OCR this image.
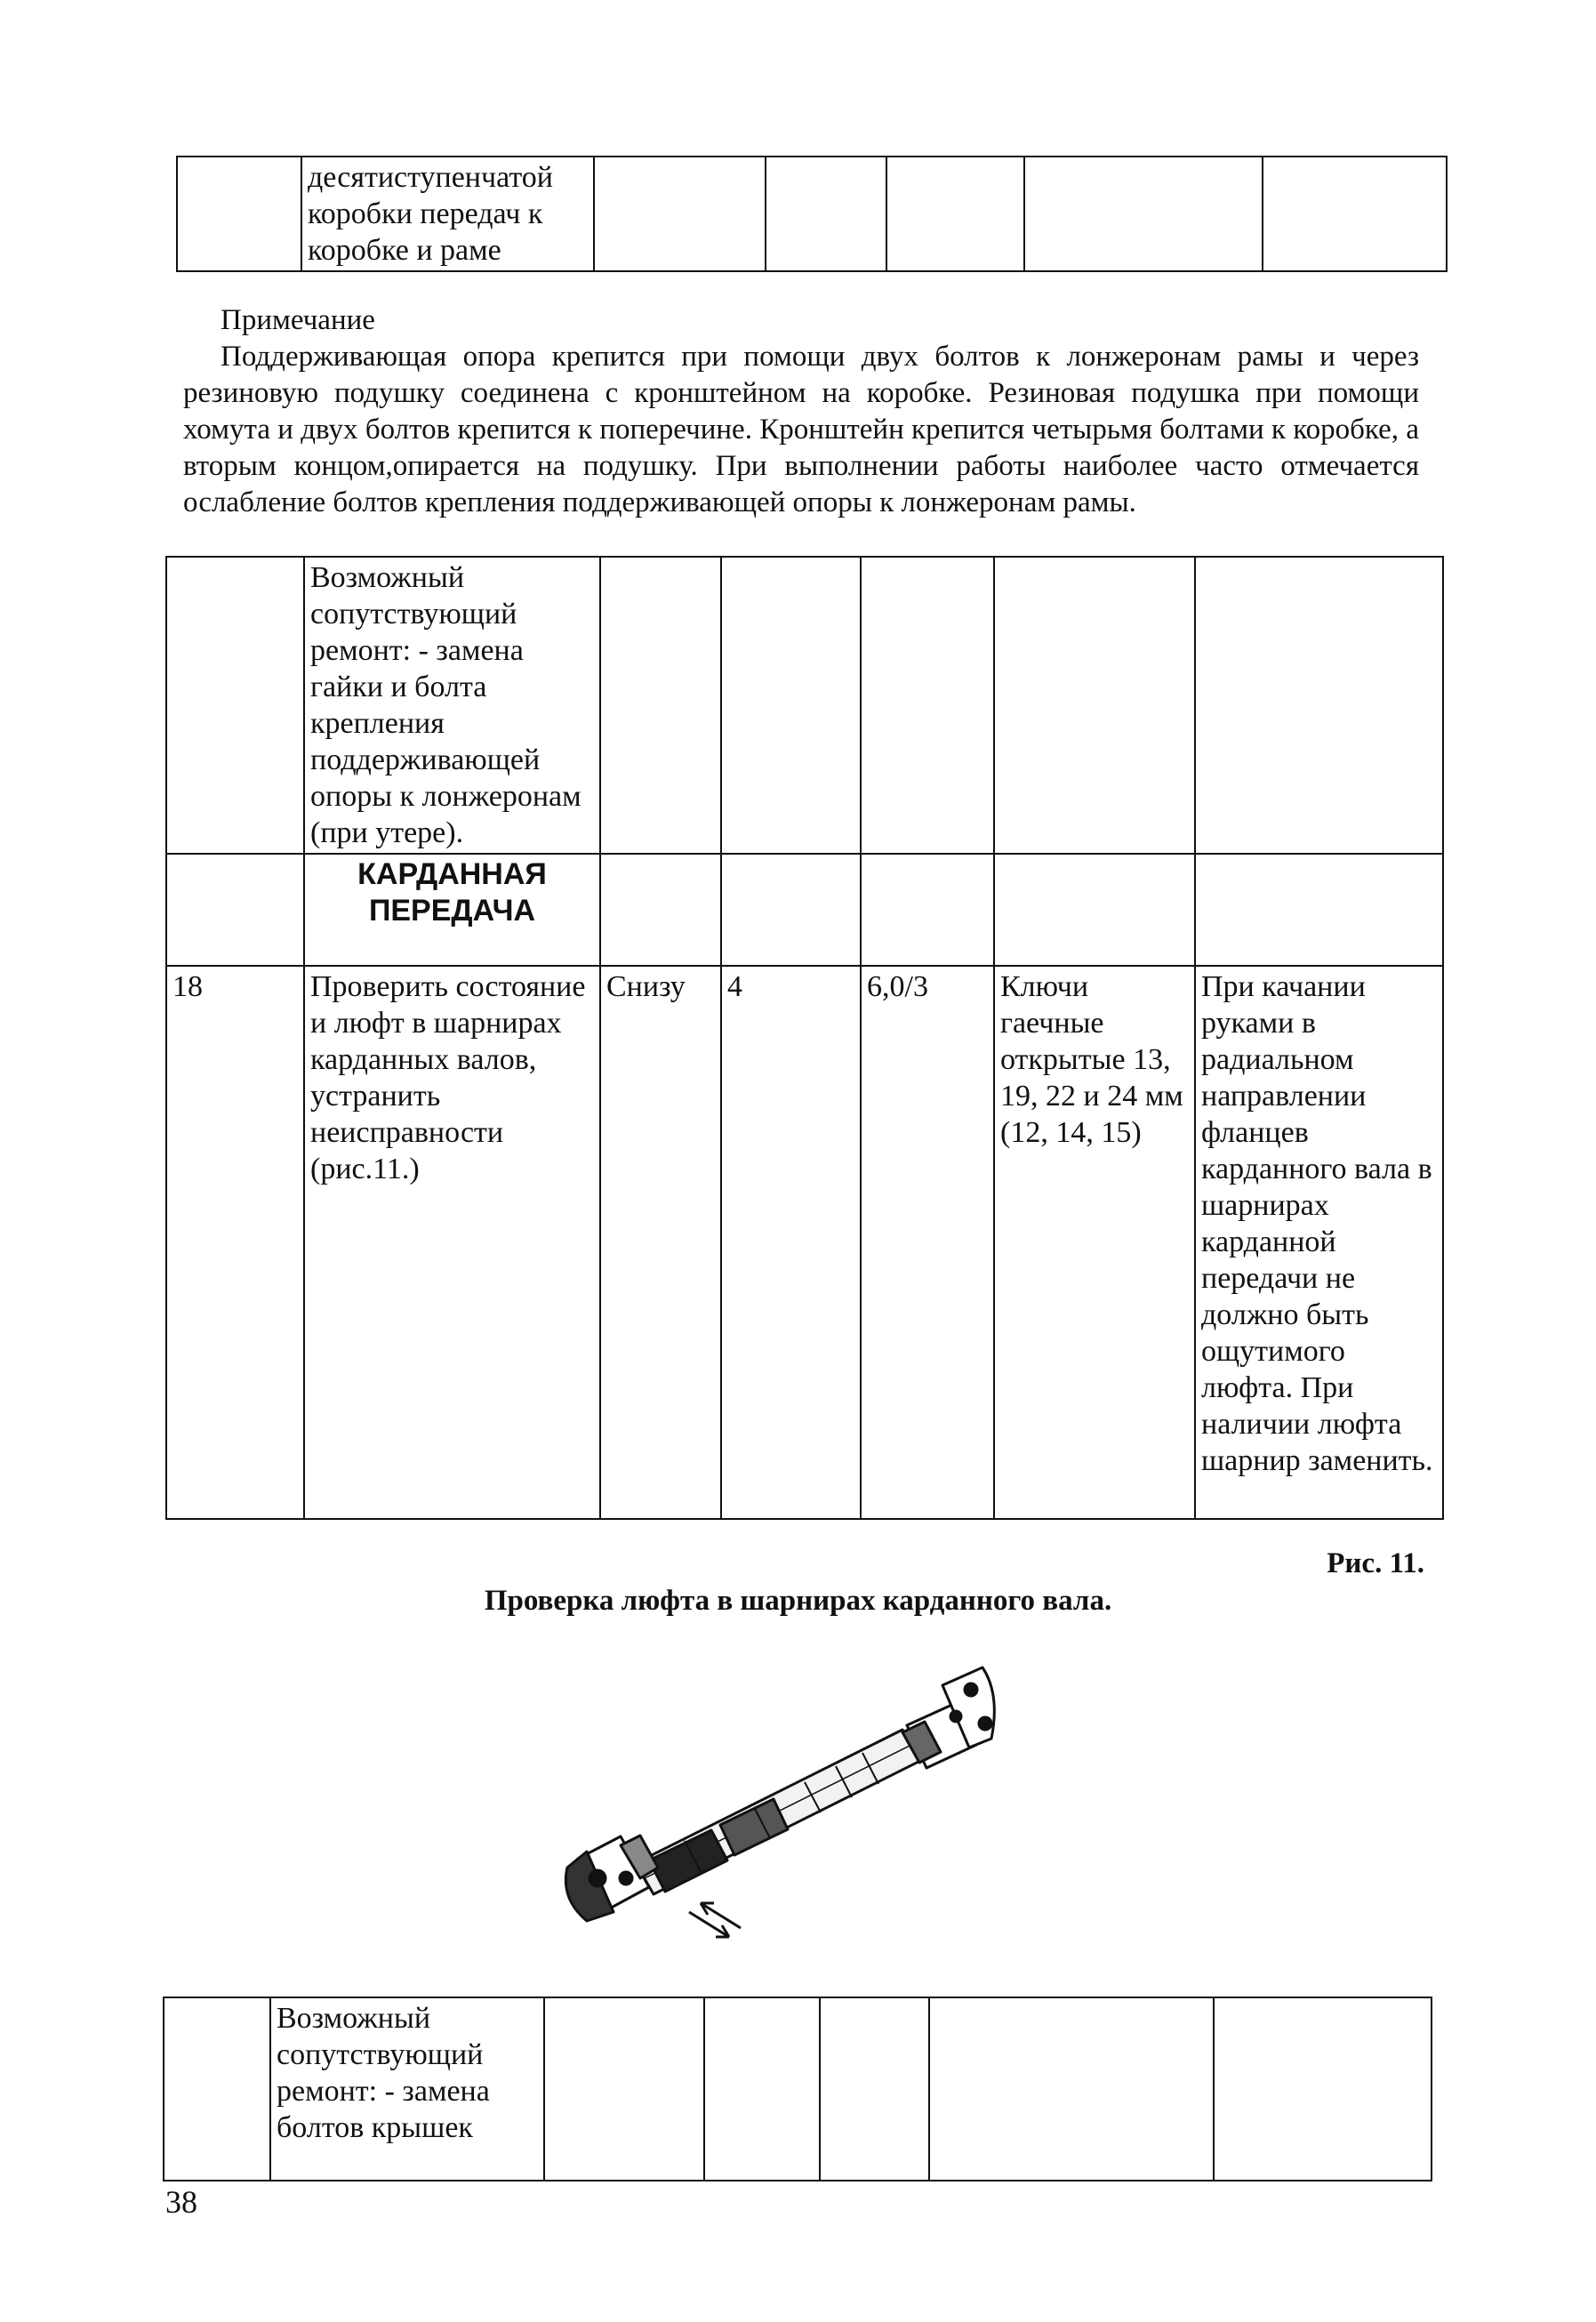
	десятиступенчатой коробки передач к коробке и раме					

Примечание

Поддерживающая опора крепится при помощи двух болтов к лонжеронам рамы и через резиновую подушку соединена с кронштейном на коробке. Резиновая подушка при помощи хомута и двух болтов крепится к поперечине. Кронштейн крепится четырьмя болтами к коробке, а вторым концом,опирается на подушку. При выполнении работы наиболее часто отмечается ослабление болтов крепления поддерживающей опоры к лонжеронам рамы.

	Возможный сопутствующий ремонт: - замена гайки и болта крепления поддерживающей опоры к лонжеронам (при утере).					
	КАРДАННАЯ ПЕРЕДАЧА					
18	Проверить состояние и люфт в шарнирах карданных валов, устранить неисправности (рис.11.)	Снизу	4	6,0/3	Ключи гаечные открытые 13, 19, 22 и 24 мм (12, 14, 15)	При качании руками в радиальном направлении фланцев карданного вала в шарнирах карданной передачи не должно быть ощутимого люфта. При наличии люфта шарнир заменить.
Рис. 11.
Проверка люфта в шарнирах карданного вала.
	Возможный сопутствующий ремонт: - замена болтов крышек					
38
